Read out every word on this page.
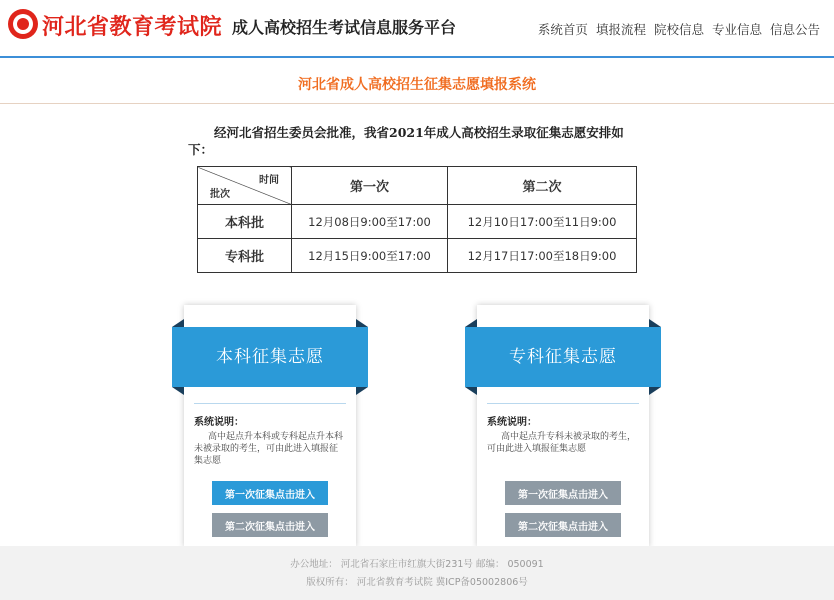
河北省教育考试院 成人高校招生考试信息服务平台	系统首页 填报流程 院校信息 专业信息 信息公告
河北省成人高校招生征集志愿填报系统

经河北省招生委员会批准，我省2021年成人高校招生录取征集志愿安排如下：

时间
批次	第一次	第二次
本科批	12月08日9:00至17:00	12月10日17:00至11日9:00
专科批	12月15日9:00至17:00	12月17日17:00至18日9:00
本科征集志愿
系统说明：
高中起点升本科或专科起点升本科未被录取的考生，可由此进入填报征集志愿
第一次征集点击进入
第二次征集点击进入
专科征集志愿
系统说明：
高中起点升专科未被录取的考生，可由此进入填报征集志愿
第一次征集点击进入
第二次征集点击进入

办公地址： 河北省石家庄市红旗大街231号 邮编： 050091

版权所有： 河北省教育考试院 冀ICP备05002806号
